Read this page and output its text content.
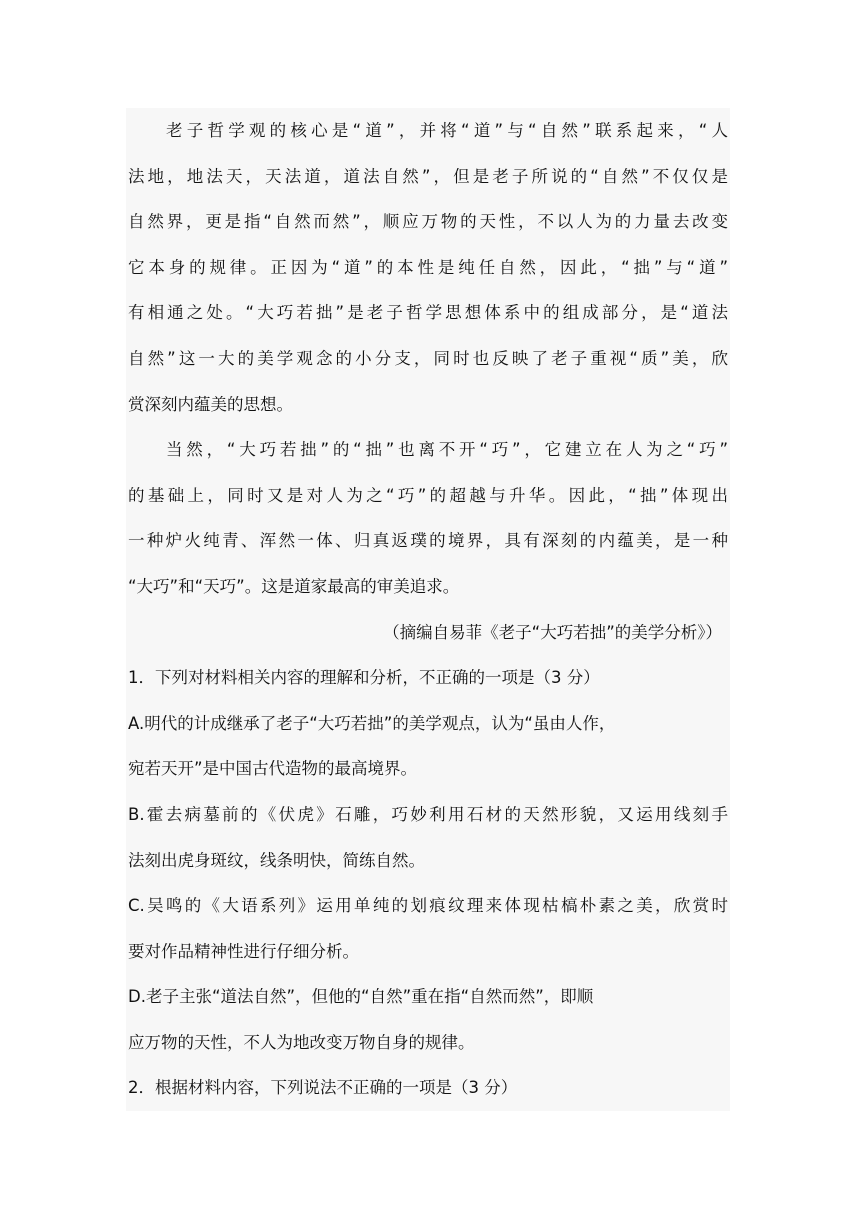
老子哲学观的核心是“道”，并将“道”与“自然”联系起来，“人
法地，地法天，天法道，道法自然”，但是老子所说的“自然”不仅仅是
自然界，更是指“自然而然”，顺应万物的天性，不以人为的力量去改变
它本身的规律。正因为“道”的本性是纯任自然，因此，“拙”与“道”
有相通之处。“大巧若拙”是老子哲学思想体系中的组成部分，是“道法
自然”这一大的美学观念的小分支，同时也反映了老子重视“质”美，欣
赏深刻内蕴美的思想。
当然，“大巧若拙”的“拙”也离不开“巧”，它建立在人为之“巧”
的基础上，同时又是对人为之“巧”的超越与升华。因此，“拙”体现出
一种炉火纯青、浑然一体、归真返璞的境界，具有深刻的内蕴美，是一种
“大巧”和“天巧”。这是道家最高的审美追求。
（摘编自易菲《老子“大巧若拙”的美学分析》）
1．下列对材料相关内容的理解和分析，不正确的一项是（3 分）
A.明代的计成继承了老子“大巧若拙”的美学观点，认为“虽由人作，
宛若天开”是中国古代造物的最高境界。
B.霍去病墓前的《伏虎》石雕，巧妙利用石材的天然形貌，又运用线刻手
法刻出虎身斑纹，线条明快，简练自然。
C.吴鸣的《大语系列》运用单纯的划痕纹理来体现枯槁朴素之美，欣赏时
要对作品精神性进行仔细分析。
D.老子主张“道法自然”，但他的“自然”重在指“自然而然”，即顺
应万物的天性，不人为地改变万物自身的规律。
2．根据材料内容，下列说法不正确的一项是（3 分）
